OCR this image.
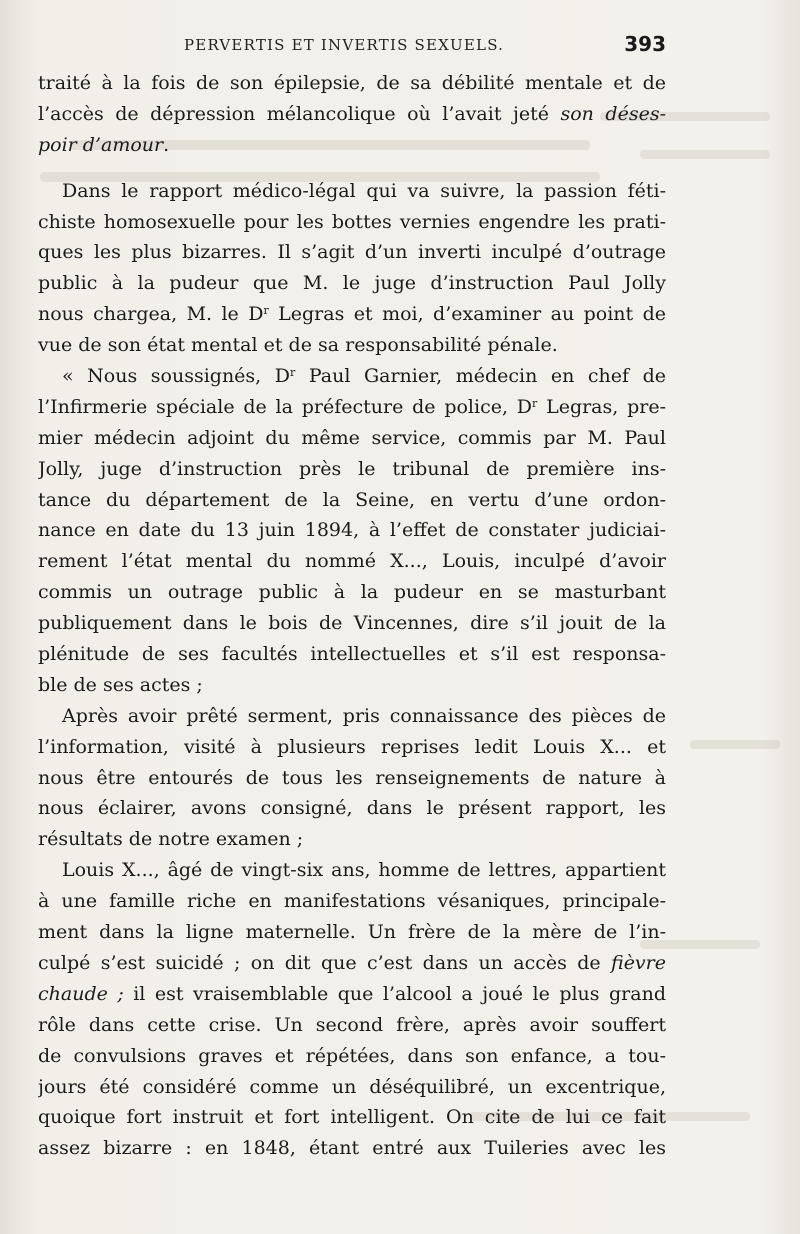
PERVERTIS ET INVERTIS SEXUELS.	393
traité à la fois de son épilepsie, de sa débilité mentale et de
l’accès de dépression mélancolique où l’avait jeté son déses-
poir d’amour.
Dans le rapport médico-légal qui va suivre, la passion féti-
chiste homosexuelle pour les bottes vernies engendre les prati-
ques les plus bizarres. Il s’agit d’un inverti inculpé d’outrage
public à la pudeur que M. le juge d’instruction Paul Jolly
nous chargea, M. le $D^r$ Legras et moi, d’examiner au point de
vue de son état mental et de sa responsabilité pénale.
« Nous soussignés, $D^r$ Paul Garnier, médecin en chef de
l’Infirmerie spéciale de la préfecture de police, $D^r$ Legras, pre-
mier médecin adjoint du même service, commis par M. Paul
Jolly, juge d’instruction près le tribunal de première ins-
tance du département de la Seine, en vertu d’une ordon-
nance en date du 13 juin 1894, à l’effet de constater judiciai-
rement l’état mental du nommé X..., Louis, inculpé d’avoir
commis un outrage public à la pudeur en se masturbant
publiquement dans le bois de Vincennes, dire s’il jouit de la
plénitude de ses facultés intellectuelles et s’il est responsa-
ble de ses actes ;
Après avoir prêté serment, pris connaissance des pièces de
l’information, visité à plusieurs reprises ledit Louis X... et
nous être entourés de tous les renseignements de nature à
nous éclairer, avons consigné, dans le présent rapport, les
résultats de notre examen ;
Louis X..., âgé de vingt-six ans, homme de lettres, appartient
à une famille riche en manifestations vésaniques, principale-
ment dans la ligne maternelle. Un frère de la mère de l’in-
culpé s’est suicidé ; on dit que c’est dans un accès de fièvre
chaude ; il est vraisemblable que l’alcool a joué le plus grand
rôle dans cette crise. Un second frère, après avoir souffert
de convulsions graves et répétées, dans son enfance, a tou-
jours été considéré comme un déséquilibré, un excentrique,
quoique fort instruit et fort intelligent. On cite de lui ce fait
assez bizarre : en 1848, étant entré aux Tuileries avec les
